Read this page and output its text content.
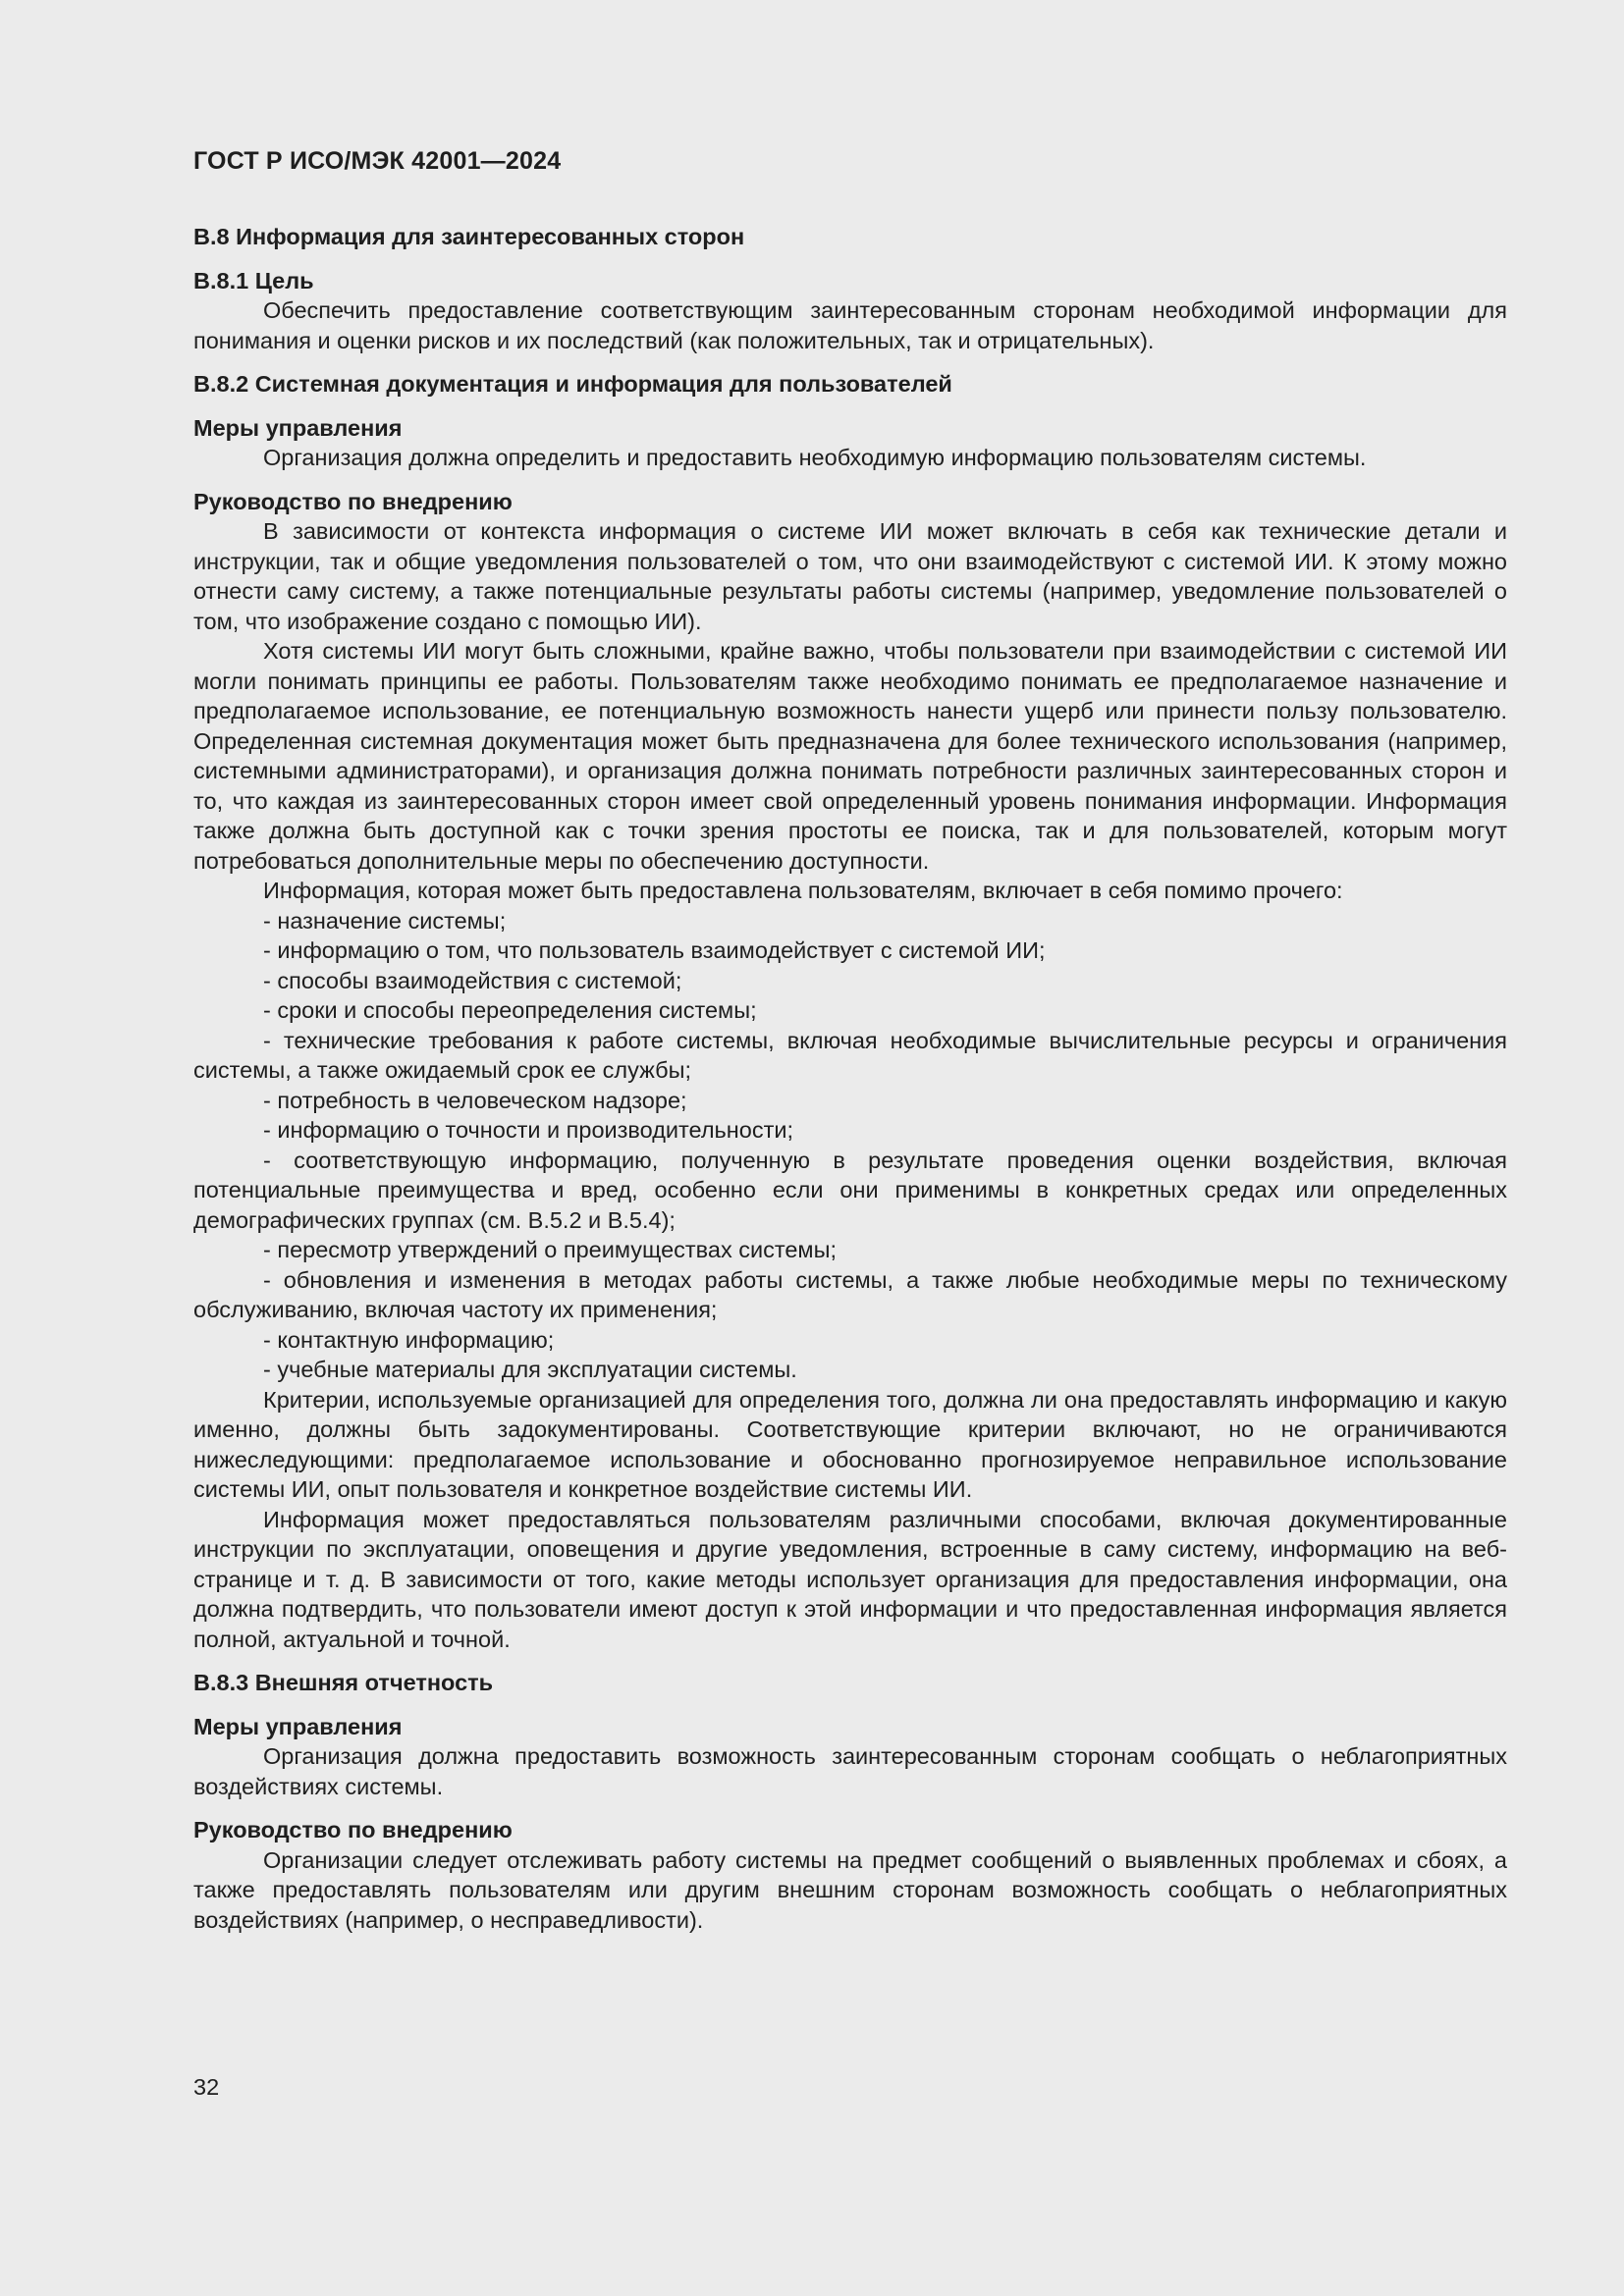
ГОСТ Р ИСО/МЭК 42001—2024

В.8 Информация для заинтересованных сторон

В.8.1 Цель

Обеспечить предоставление соответствующим заинтересованным сторонам необходимой информации для понимания и оценки рисков и их последствий (как положительных, так и отрицательных).

В.8.2 Системная документация и информация для пользователей

Меры управления

Организация должна определить и предоставить необходимую информацию пользователям системы.

Руководство по внедрению

В зависимости от контекста информация о системе ИИ может включать в себя как технические детали и инструкции, так и общие уведомления пользователей о том, что они взаимодействуют с системой ИИ. К этому можно отнести саму систему, а также потенциальные результаты работы системы (например, уведомление пользователей о том, что изображение создано с помощью ИИ).

Хотя системы ИИ могут быть сложными, крайне важно, чтобы пользователи при взаимодействии с системой ИИ могли понимать принципы ее работы. Пользователям также необходимо понимать ее предполагаемое назначение и предполагаемое использование, ее потенциальную возможность нанести ущерб или принести пользу пользователю. Определенная системная документация может быть предназначена для более технического использования (например, системными администраторами), и организация должна понимать потребности различных заинтересованных сторон и то, что каждая из заинтересованных сторон имеет свой определенный уровень понимания информации. Информация также должна быть доступной как с точки зрения простоты ее поиска, так и для пользователей, которым могут потребоваться дополнительные меры по обеспечению доступности.

Информация, которая может быть предоставлена пользователям, включает в себя помимо прочего:

- назначение системы;

- информацию о том, что пользователь взаимодействует с системой ИИ;

- способы взаимодействия с системой;

- сроки и способы переопределения системы;

- технические требования к работе системы, включая необходимые вычислительные ресурсы и ограничения системы, а также ожидаемый срок ее службы;

- потребность в человеческом надзоре;

- информацию о точности и производительности;

- соответствующую информацию, полученную в результате проведения оценки воздействия, включая потенциальные преимущества и вред, особенно если они применимы в конкретных средах или определенных демографических группах (см. В.5.2 и В.5.4);

- пересмотр утверждений о преимуществах системы;

- обновления и изменения в методах работы системы, а также любые необходимые меры по техническому обслуживанию, включая частоту их применения;

- контактную информацию;

- учебные материалы для эксплуатации системы.

Критерии, используемые организацией для определения того, должна ли она предоставлять информацию и какую именно, должны быть задокументированы. Соответствующие критерии включают, но не ограничиваются нижеследующими: предполагаемое использование и обоснованно прогнозируемое неправильное использование системы ИИ, опыт пользователя и конкретное воздействие системы ИИ.

Информация может предоставляться пользователям различными способами, включая документированные инструкции по эксплуатации, оповещения и другие уведомления, встроенные в саму систему, информацию на веб-странице и т. д. В зависимости от того, какие методы использует организация для предоставления информации, она должна подтвердить, что пользователи имеют доступ к этой информации и что предоставленная информация является полной, актуальной и точной.

В.8.3 Внешняя отчетность

Меры управления

Организация должна предоставить возможность заинтересованным сторонам сообщать о неблагоприятных воздействиях системы.

Руководство по внедрению

Организации следует отслеживать работу системы на предмет сообщений о выявленных проблемах и сбоях, а также предоставлять пользователям или другим внешним сторонам возможность сообщать о неблагоприятных воздействиях (например, о несправедливости).

32
